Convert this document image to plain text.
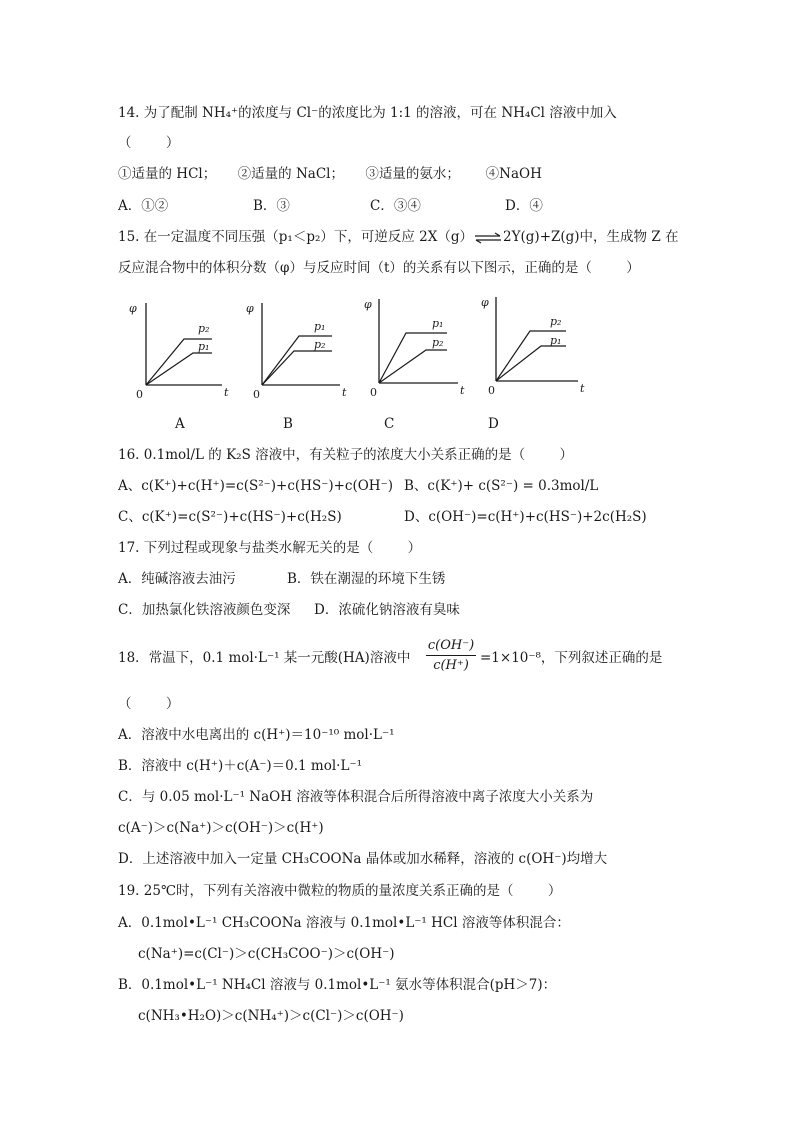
14. 为了配制 NH₄⁺的浓度与 Cl⁻的浓度比为 1:1 的溶液，可在 NH₄Cl 溶液中加入
（        ）
①适量的 HCl；     ②适量的 NaCl；     ③适量的氨水；      ④NaOH
A．①②	B．③	C．③④	D．④
15. 在一定温度不同压强（p₁＜p₂）下，可逆反应 2X（g）⇌2Y(g)+Z(g)中，生成物 Z 在
反应混合物中的体积分数（φ）与反应时间（t）的关系有以下图示，正确的是（        ）
φ
0	t
p₂
p₁
φ
0	t
p₁
p₂
φ
0	t
p₁
p₂
φ
0	t
p₂
p₁
A	B	C	D
16. 0.1mol/L 的 K₂S 溶液中，有关粒子的浓度大小关系正确的是（        ）
A、c(K⁺)+c(H⁺)=c(S²⁻)+c(HS⁻)+c(OH⁻) B、c(K⁺)+ c(S²⁻) = 0.3mol/L
C、c(K⁺)=c(S²⁻)+c(HS⁻)+c(H₂S)	D、c(OH⁻)=c(H⁺)+c(HS⁻)+2c(H₂S)
17. 下列过程或现象与盐类水解无关的是（        ）
A．纯碱溶液去油污	B．铁在潮湿的环境下生锈
C．加热氯化铁溶液颜色变深 D．浓硫化钠溶液有臭味
18．常温下，0.1 mol·L⁻¹ 某一元酸(HA)溶液中 $\frac{c(OH^-)}{c(H^+)} =1\times 10^{-8}$，下列叙述正确的是
（        ）
A．溶液中水电离出的 c(H⁺)＝10⁻¹⁰ mol·L⁻¹
B．溶液中 c(H⁺)＋c(A⁻)＝0.1 mol·L⁻¹
C．与 0.05 mol·L⁻¹ NaOH 溶液等体积混合后所得溶液中离子浓度大小关系为
c(A⁻)＞c(Na⁺)＞c(OH⁻)＞c(H⁺)
D．上述溶液中加入一定量 CH₃COONa 晶体或加水稀释，溶液的 c(OH⁻)均增大
19. 25℃时，下列有关溶液中微粒的物质的量浓度关系正确的是（        ）
A．0.1mol•L⁻¹ CH₃COONa 溶液与 0.1mol•L⁻¹ HCl 溶液等体积混合：
c(Na⁺)=c(Cl⁻)＞c(CH₃COO⁻)＞c(OH⁻)
B．0.1mol•L⁻¹ NH₄Cl 溶液与 0.1mol•L⁻¹ 氨水等体积混合(pH＞7)：
c(NH₃•H₂O)＞c(NH₄⁺)＞c(Cl⁻)＞c(OH⁻)
